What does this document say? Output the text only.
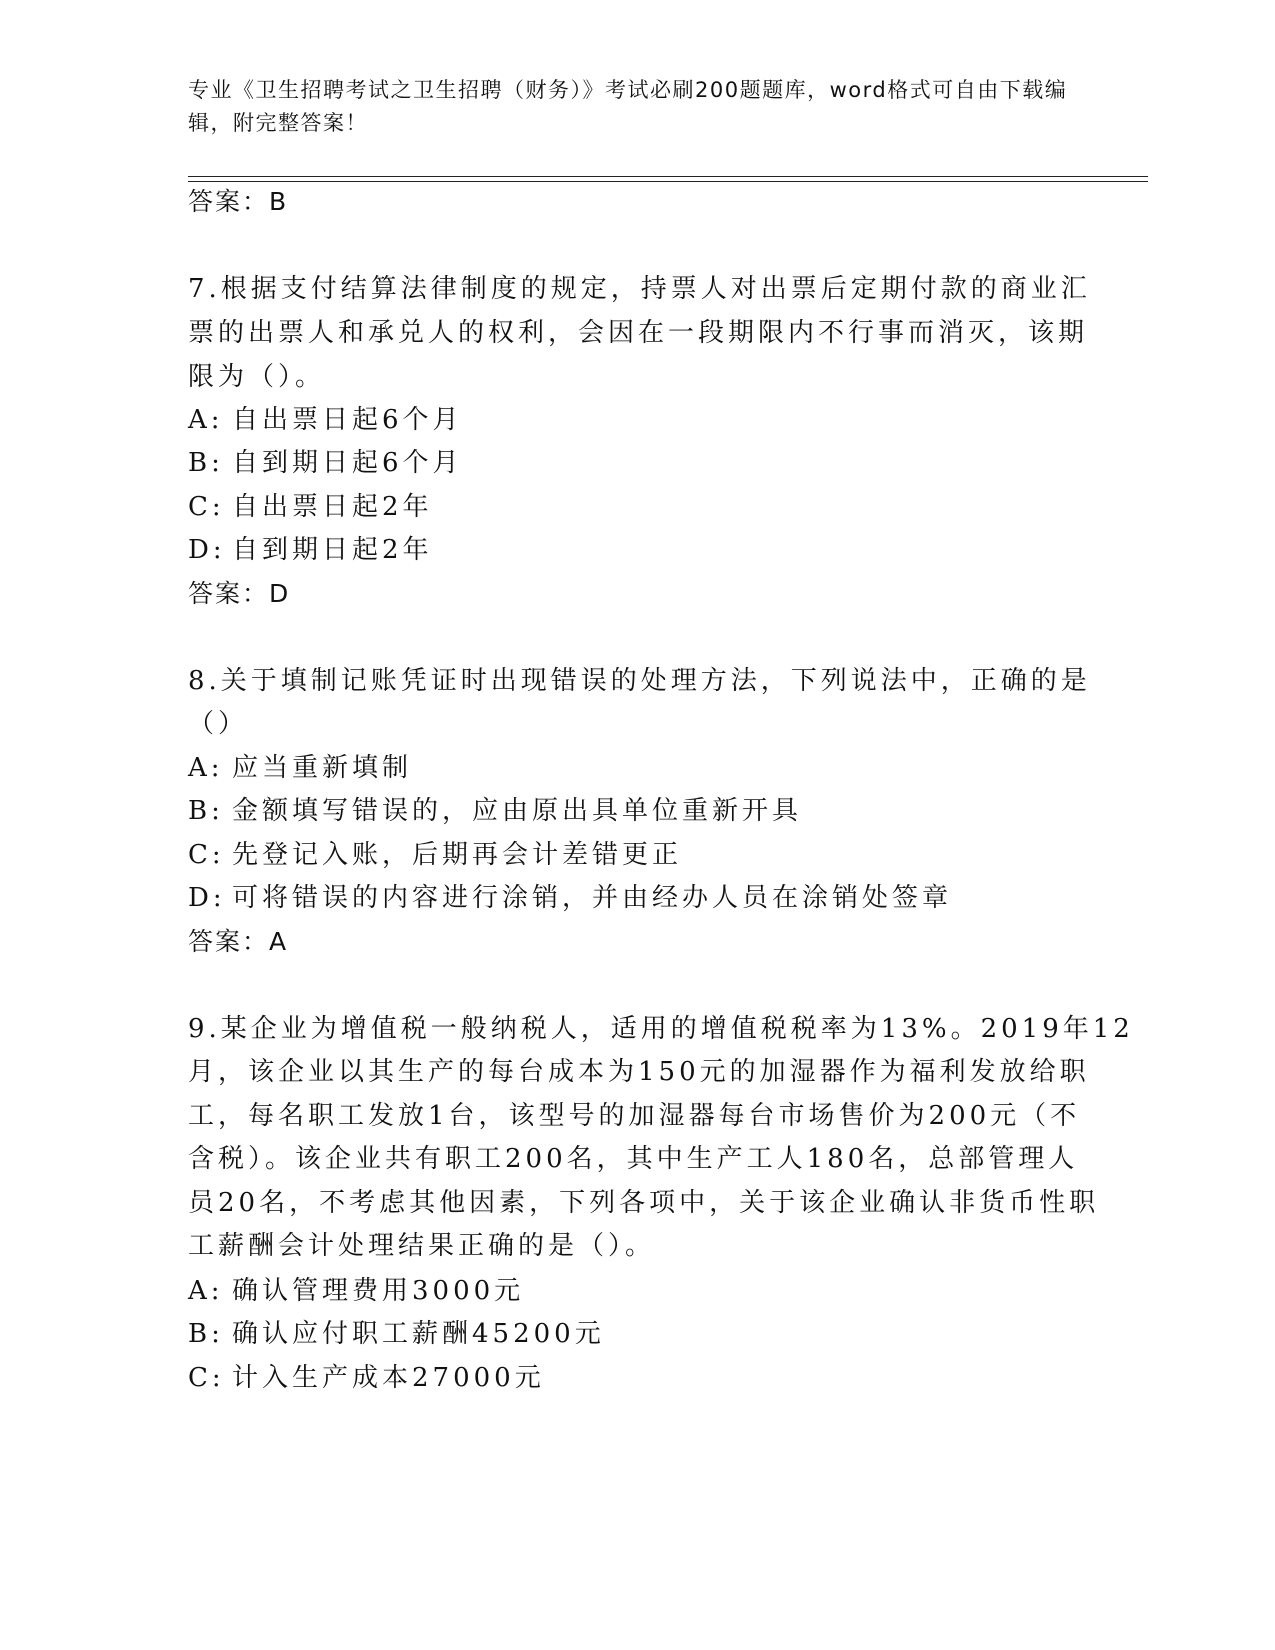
专业《卫生招聘考试之卫生招聘（财务）》考试必刷200题题库，word格式可自由下载编辑，附完整答案！

答案：B

7.根据支付结算法律制度的规定，持票人对出票后定期付款的商业汇

票的出票人和承兑人的权利，会因在一段期限内不行事而消灭，该期

限为（）。

A: 自出票日起6个月

B: 自到期日起6个月

C: 自出票日起2年

D: 自到期日起2年

答案：D

8.关于填制记账凭证时出现错误的处理方法，下列说法中，正确的是

（）

A: 应当重新填制

B: 金额填写错误的，应由原出具单位重新开具

C: 先登记入账，后期再会计差错更正

D: 可将错误的内容进行涂销，并由经办人员在涂销处签章

答案：A

9.某企业为增值税一般纳税人，适用的增值税税率为13%。2019年12

月，该企业以其生产的每台成本为150元的加湿器作为福利发放给职

工，每名职工发放1台，该型号的加湿器每台市场售价为200元（不

含税）。该企业共有职工200名，其中生产工人180名，总部管理人

员20名，不考虑其他因素，下列各项中，关于该企业确认非货币性职

工薪酬会计处理结果正确的是（）。

A: 确认管理费用3000元

B: 确认应付职工薪酬45200元

C: 计入生产成本27000元
